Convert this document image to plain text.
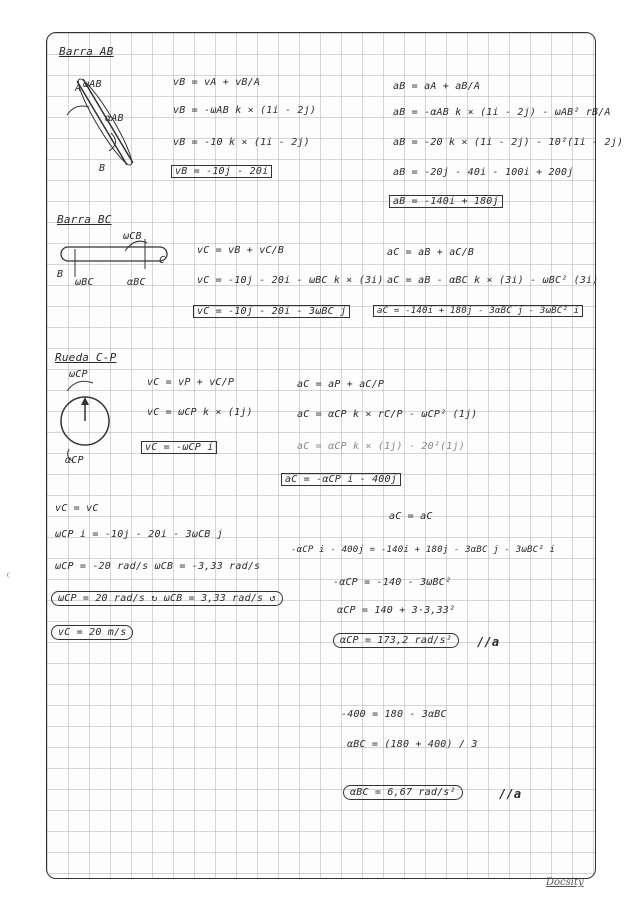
Barra AB
A ωAB
αAB
B
vB = vA + vB/A
vB = -ωAB k × (1i - 2j)
vB = -10 k × (1i - 2j)
vB = -10j - 20i
aB = aA + aB/A
aB = -αAB k × (1i - 2j) - ωAB² rB/A
aB = -20 k × (1i - 2j) - 10²(1i - 2j)
aB = -20j - 40i - 100i + 200j
aB = -140i + 180j
Barra BC
ωCB
B
C
ωBC	αBC
vC = vB + vC/B
vC = -10j - 20i - ωBC k × (3i)
vC = -10j - 20i - 3ωBC j
aC = aB + aC/B
aC = aB - αBC k × (3i) - ωBC² (3i)
aC = -140i + 180j - 3αBC j - 3ωBC² i
Rueda C-P
ωCP
αCP
vC = vP + vC/P
vC = ωCP k × (1j)
vC = -ωCP i
aC = aP + aC/P
aC = αCP k × rC/P - ωCP² (1j)
aC = αCP k × (1j) - 20²(1j)
aC = -αCP i - 400j
vC = vC
ωCP i = -10j - 20i - 3ωCB j
ωCP = -20 rad/s ωCB = -3,33 rad/s
ωCP = 20 rad/s ↻ ωCB = 3,33 rad/s ↺
vC = 20 m/s
aC = aC
-αCP i - 400j = -140i + 180j - 3αBC j - 3ωBC² i
-αCP = -140 - 3ωBC²
αCP = 140 + 3·3,33²
αCP = 173,2 rad/s²	//a
-400 = 180 - 3αBC
αBC = (180 + 400) / 3
αBC = 6,67 rad/s²	//a
Docsity
